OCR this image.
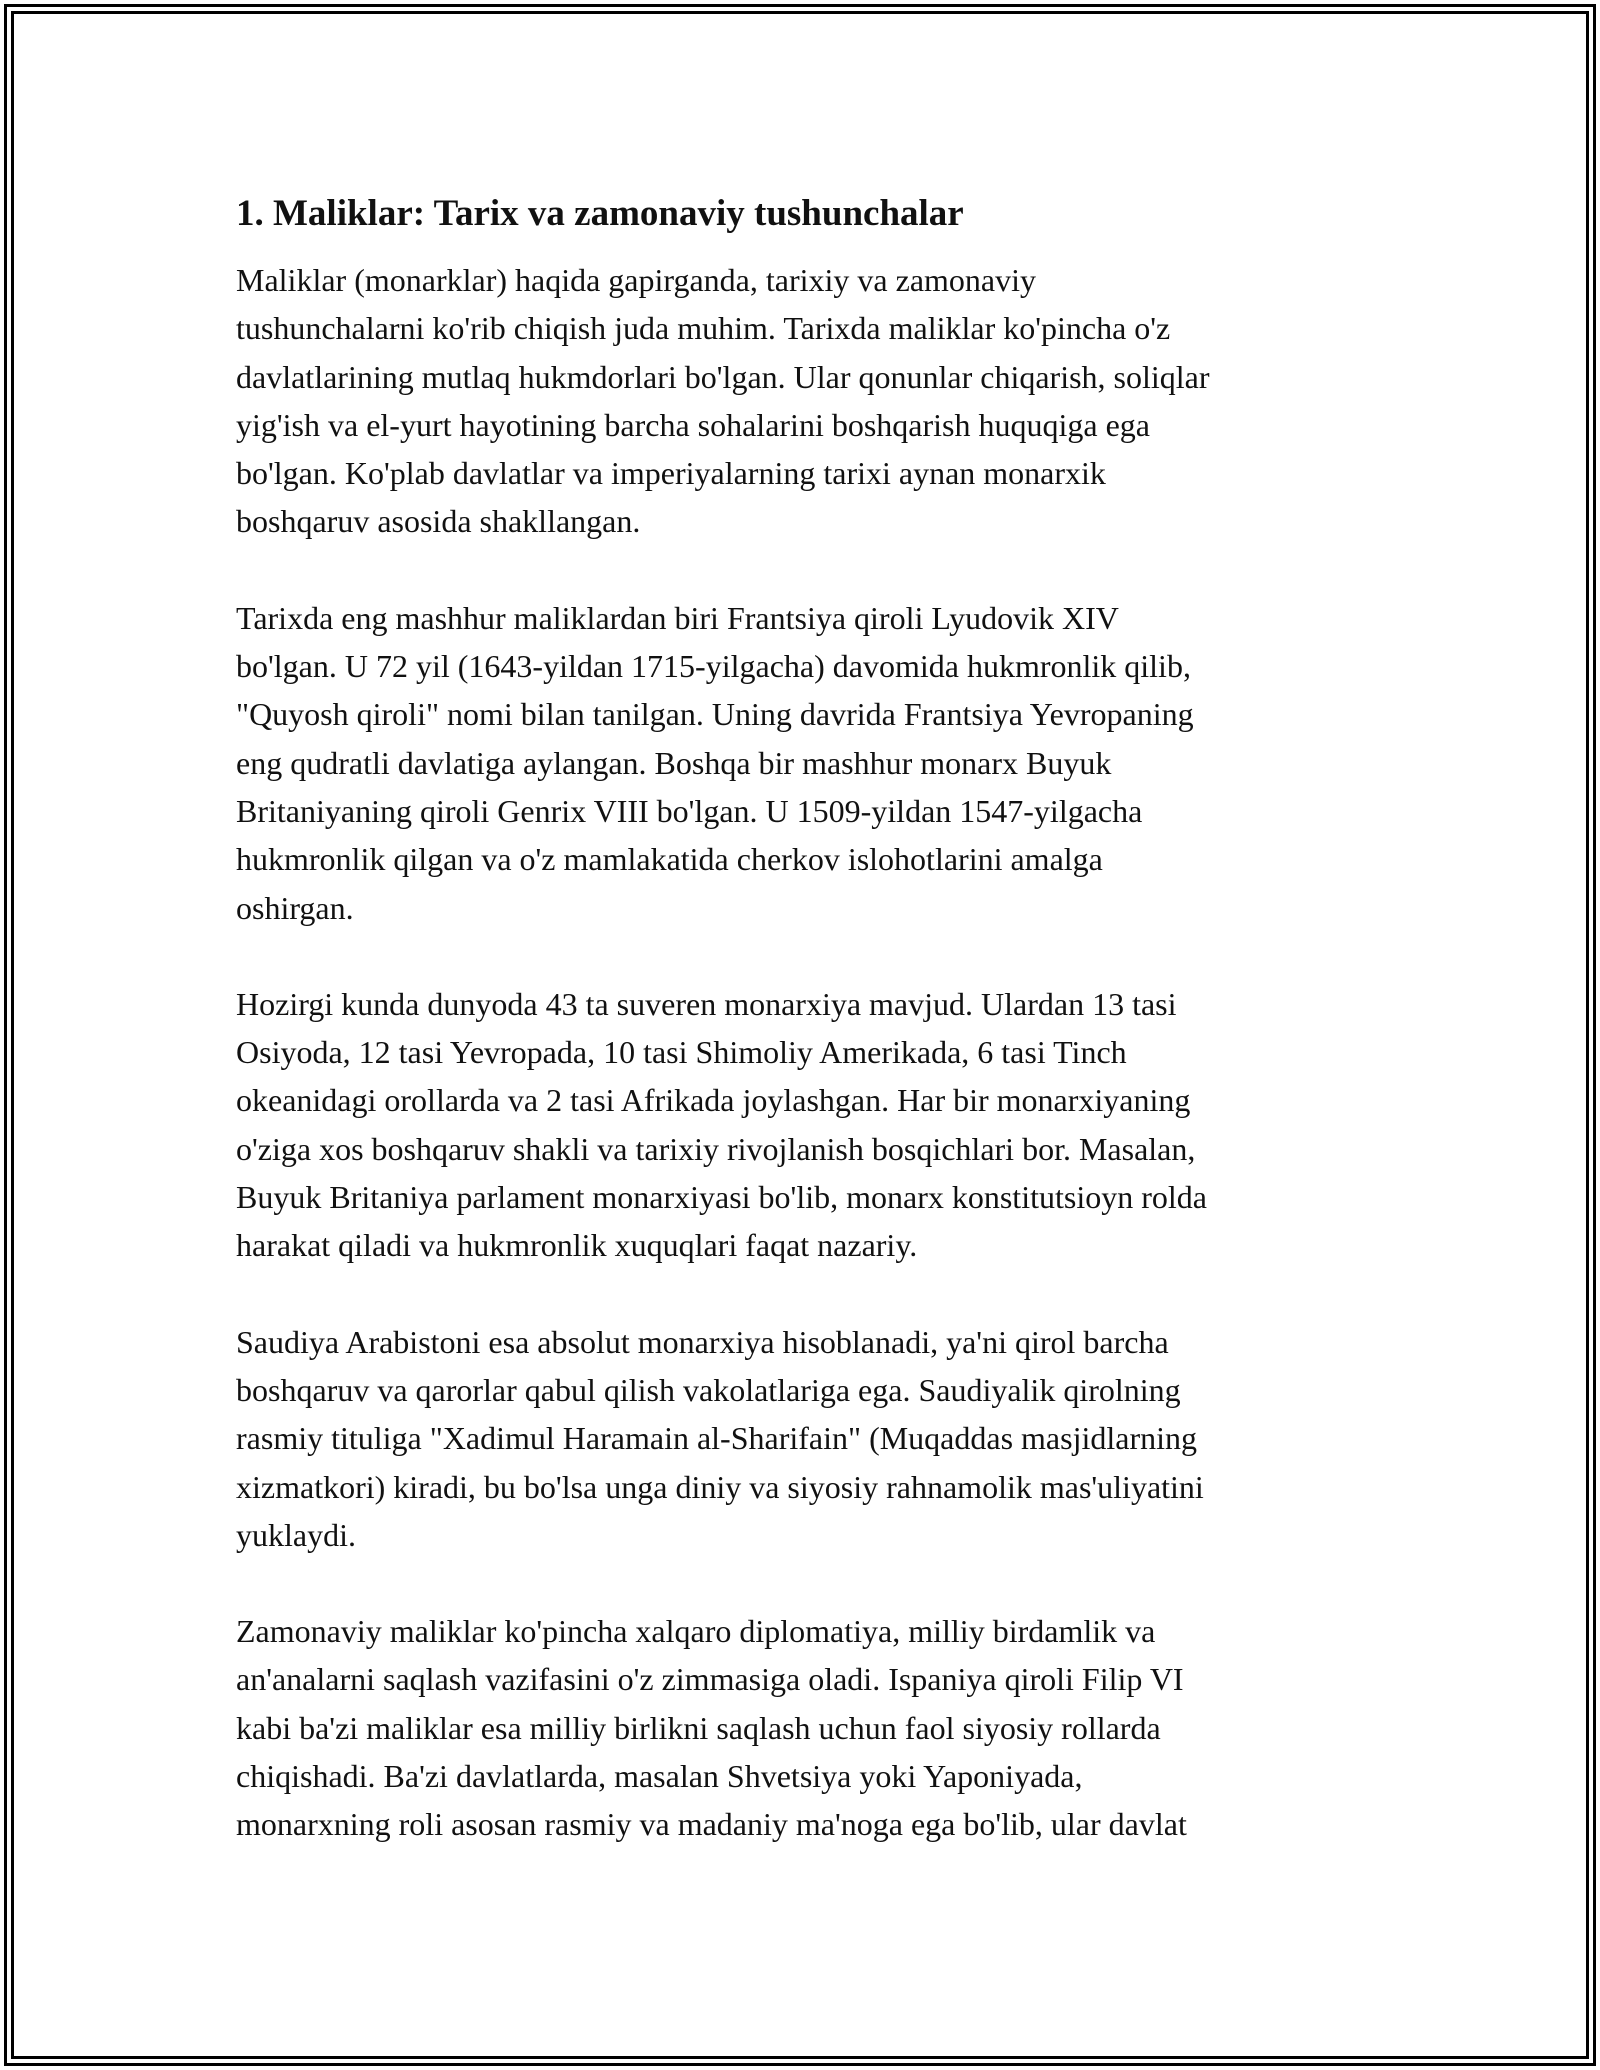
1. Maliklar: Tarix va zamonaviy tushunchalar
Maliklar (monarklar) haqida gapirganda, tarixiy va zamonaviy
tushunchalarni ko'rib chiqish juda muhim. Tarixda maliklar ko'pincha o'z
davlatlarining mutlaq hukmdorlari bo'lgan. Ular qonunlar chiqarish, soliqlar
yig'ish va el-yurt hayotining barcha sohalarini boshqarish huquqiga ega
bo'lgan. Ko'plab davlatlar va imperiyalarning tarixi aynan monarxik
boshqaruv asosida shakllangan.
Tarixda eng mashhur maliklardan biri Frantsiya qiroli Lyudovik XIV
bo'lgan. U 72 yil (1643-yildan 1715-yilgacha) davomida hukmronlik qilib,
"Quyosh qiroli" nomi bilan tanilgan. Uning davrida Frantsiya Yevropaning
eng qudratli davlatiga aylangan. Boshqa bir mashhur monarx Buyuk
Britaniyaning qiroli Genrix VIII bo'lgan. U 1509-yildan 1547-yilgacha
hukmronlik qilgan va o'z mamlakatida cherkov islohotlarini amalga
oshirgan.
Hozirgi kunda dunyoda 43 ta suveren monarxiya mavjud. Ulardan 13 tasi
Osiyoda, 12 tasi Yevropada, 10 tasi Shimoliy Amerikada, 6 tasi Tinch
okeanidagi orollarda va 2 tasi Afrikada joylashgan. Har bir monarxiyaning
o'ziga xos boshqaruv shakli va tarixiy rivojlanish bosqichlari bor. Masalan,
Buyuk Britaniya parlament monarxiyasi bo'lib, monarx konstitutsioyn rolda
harakat qiladi va hukmronlik xuquqlari faqat nazariy.
Saudiya Arabistoni esa absolut monarxiya hisoblanadi, ya'ni qirol barcha
boshqaruv va qarorlar qabul qilish vakolatlariga ega. Saudiyalik qirolning
rasmiy tituliga "Xadimul Haramain al-Sharifain" (Muqaddas masjidlarning
xizmatkori) kiradi, bu bo'lsa unga diniy va siyosiy rahnamolik mas'uliyatini
yuklaydi.
Zamonaviy maliklar ko'pincha xalqaro diplomatiya, milliy birdamlik va
an'analarni saqlash vazifasini o'z zimmasiga oladi. Ispaniya qiroli Filip VI
kabi ba'zi maliklar esa milliy birlikni saqlash uchun faol siyosiy rollarda
chiqishadi. Ba'zi davlatlarda, masalan Shvetsiya yoki Yaponiyada,
monarxning roli asosan rasmiy va madaniy ma'noga ega bo'lib, ular davlat
